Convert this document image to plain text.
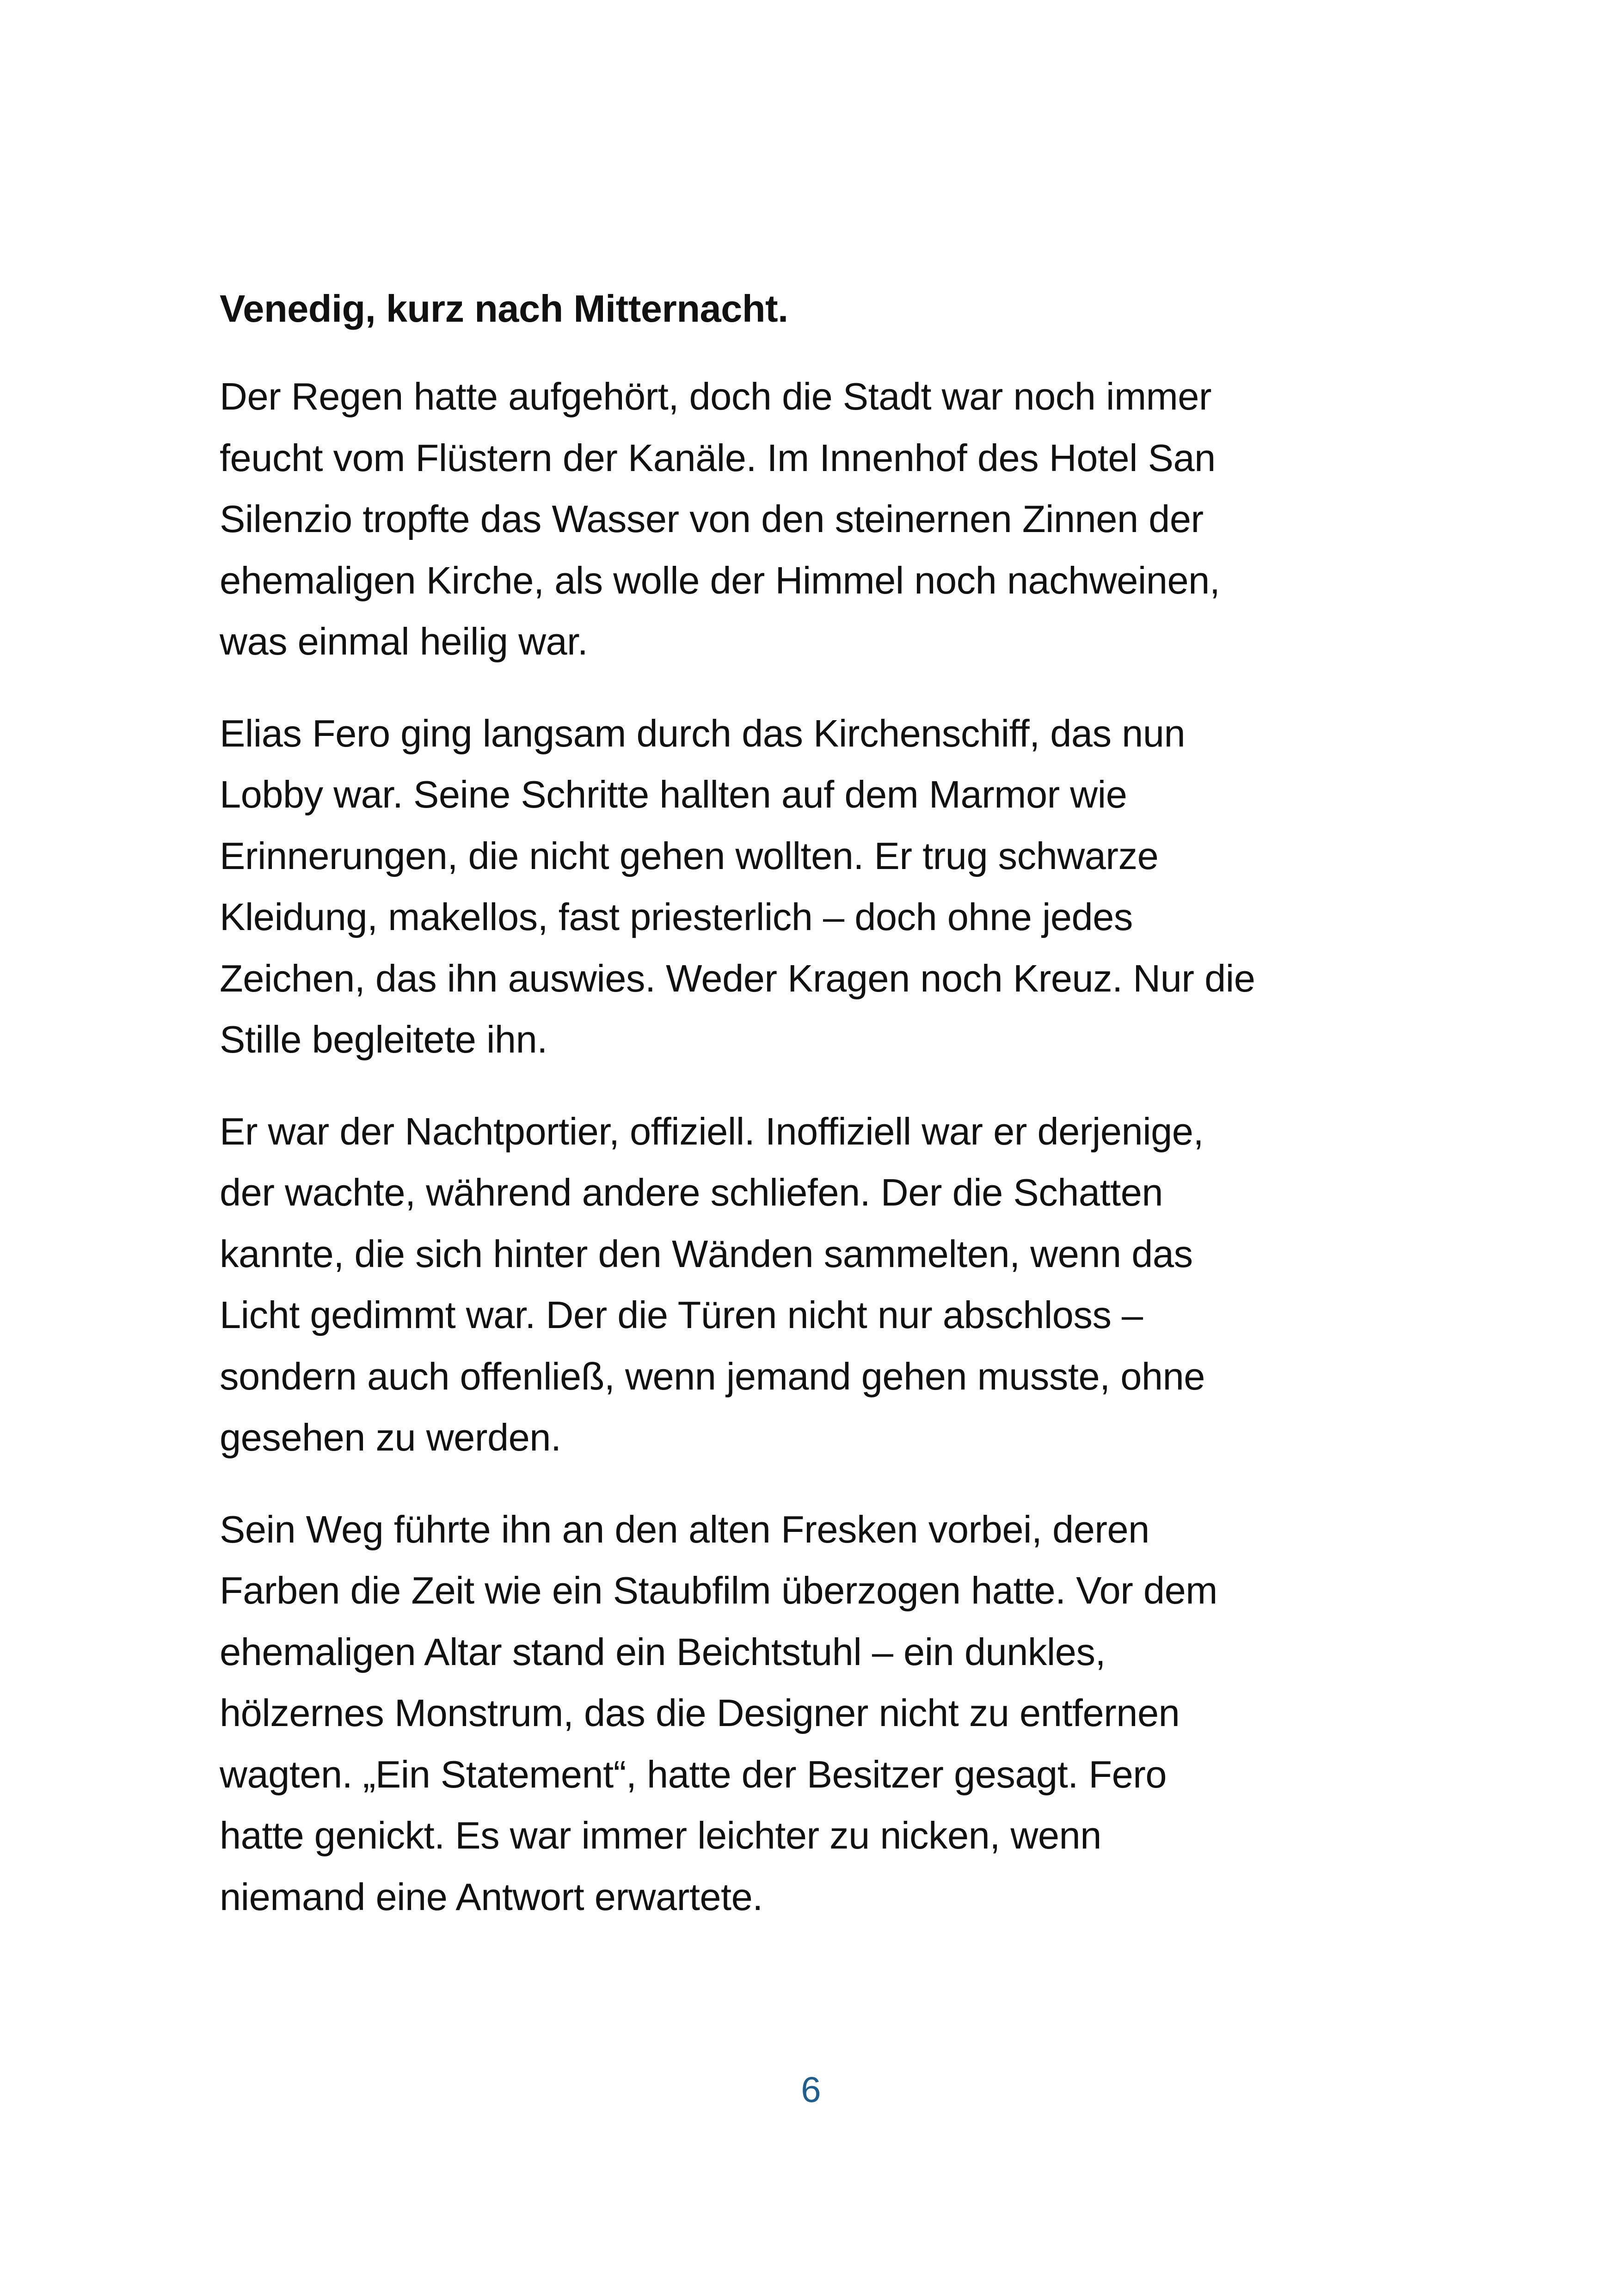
Venedig, kurz nach Mitternacht.
Der Regen hatte aufgehört, doch die Stadt war noch immer
feucht vom Flüstern der Kanäle. Im Innenhof des Hotel San
Silenzio tropfte das Wasser von den steinernen Zinnen der
ehemaligen Kirche, als wolle der Himmel noch nachweinen,
was einmal heilig war.
Elias Fero ging langsam durch das Kirchenschiff, das nun
Lobby war. Seine Schritte hallten auf dem Marmor wie
Erinnerungen, die nicht gehen wollten. Er trug schwarze
Kleidung, makellos, fast priesterlich – doch ohne jedes
Zeichen, das ihn auswies. Weder Kragen noch Kreuz. Nur die
Stille begleitete ihn.
Er war der Nachtportier, offiziell. Inoffiziell war er derjenige,
der wachte, während andere schliefen. Der die Schatten
kannte, die sich hinter den Wänden sammelten, wenn das
Licht gedimmt war. Der die Türen nicht nur abschloss –
sondern auch offenließ, wenn jemand gehen musste, ohne
gesehen zu werden.
Sein Weg führte ihn an den alten Fresken vorbei, deren
Farben die Zeit wie ein Staubfilm überzogen hatte. Vor dem
ehemaligen Altar stand ein Beichtstuhl – ein dunkles,
hölzernes Monstrum, das die Designer nicht zu entfernen
wagten. „Ein Statement“, hatte der Besitzer gesagt. Fero
hatte genickt. Es war immer leichter zu nicken, wenn
niemand eine Antwort erwartete.
6
